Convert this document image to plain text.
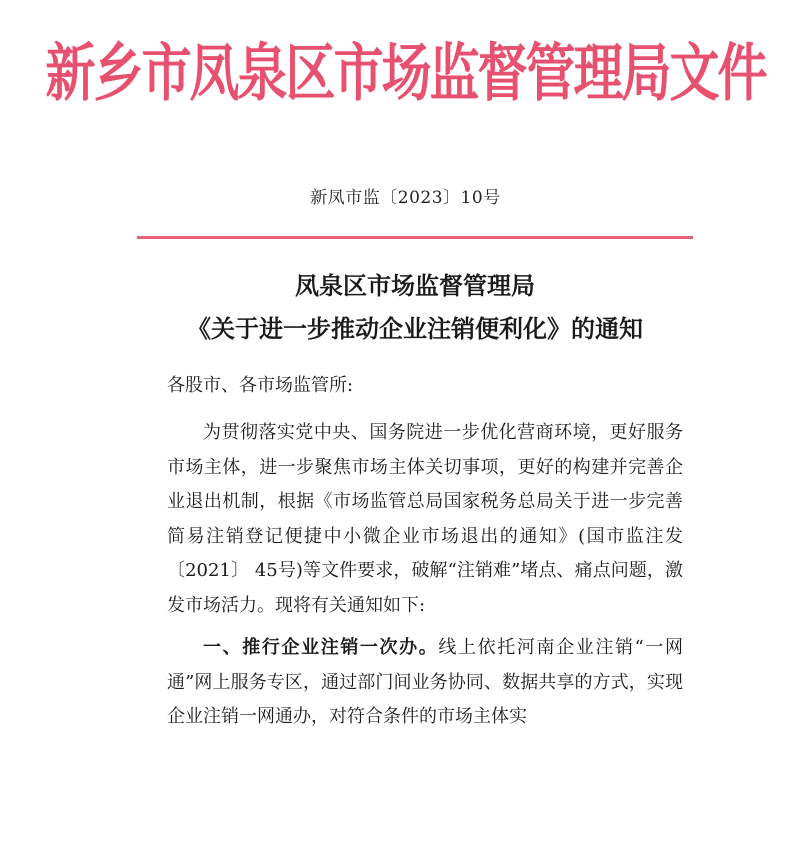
新乡市凤泉区市场监督管理局文件
新凤市监〔2023〕10号
凤泉区市场监督管理局
《关于进一步推动企业注销便利化》的通知
各股市、各市场监管所:

为贯彻落实党中央、国务院进一步优化营商环境，更好服务市场主体，进一步聚焦市场主体关切事项，更好的构建并完善企业退出机制，根据《市场监管总局国家税务总局关于进一步完善简易注销登记便捷中小微企业市场退出的通知》(国市监注发〔2021〕 45号)等文件要求，破解“注销难”堵点、痛点问题，激发市场活力。现将有关通知如下:

一、推行企业注销一次办。线上依托河南企业注销“一网通”网上服务专区，通过部门间业务协同、数据共享的方式，实现企业注销一网通办，对符合条件的市场主体实
